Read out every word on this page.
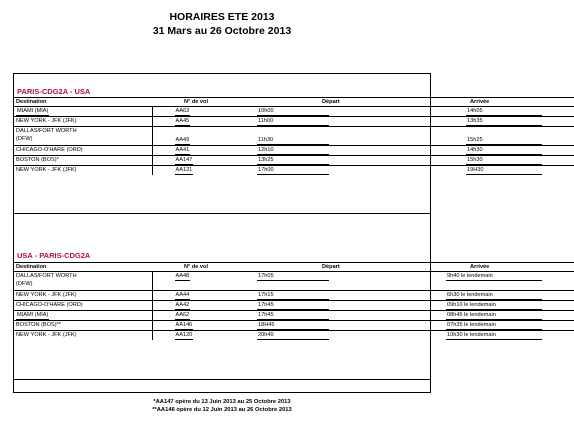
HORAIRES ETE 2013
31 Mars au 26 Octobre 2013
PARIS-CDG2A - USA
Destination	N° de vol	Départ	Arrivée
MIAMI (MIA)	AA63	10h00	14h05
NEW YORK - JFK (JFK)	AA45	11h00	13h35

DALLAS/FORT WORTH
(DFW)	AA49	11h30	15h25
CHICAGO-O'HARE (ORD)	AA41	12h10	14h30
BOSTON (BOS)*	AA147	13h25	15h30
NEW YORK - JFK (JFK)	AA121	17h00	19H30
USA - PARIS-CDG2A
Destination	N° de vol	Départ	Arrivée

DALLAS/FORT WORTH
(DFW)	AA48	17h05	9h40 le lendemain
NEW YORK - JFK (JFK)	AA44	17h15	6h30 le lendemain
CHICAGO-O'HARE (ORD)	AA42	17h45	09h10 le lendemain
MIAMI (MIA)	AA62	17h45	08h45 le lendemain
BOSTON (BOS)**	AA146	18H45	07h35 le lendemain
NEW YORK - JFK (JFK)	AA120	20h40	10h30 le lendemain
*AA147 opère du 13 Juin 2013 au 25 Octobre 2013
**AA146 opère du 12 Juin 2013 au 26 Octobre 2013
